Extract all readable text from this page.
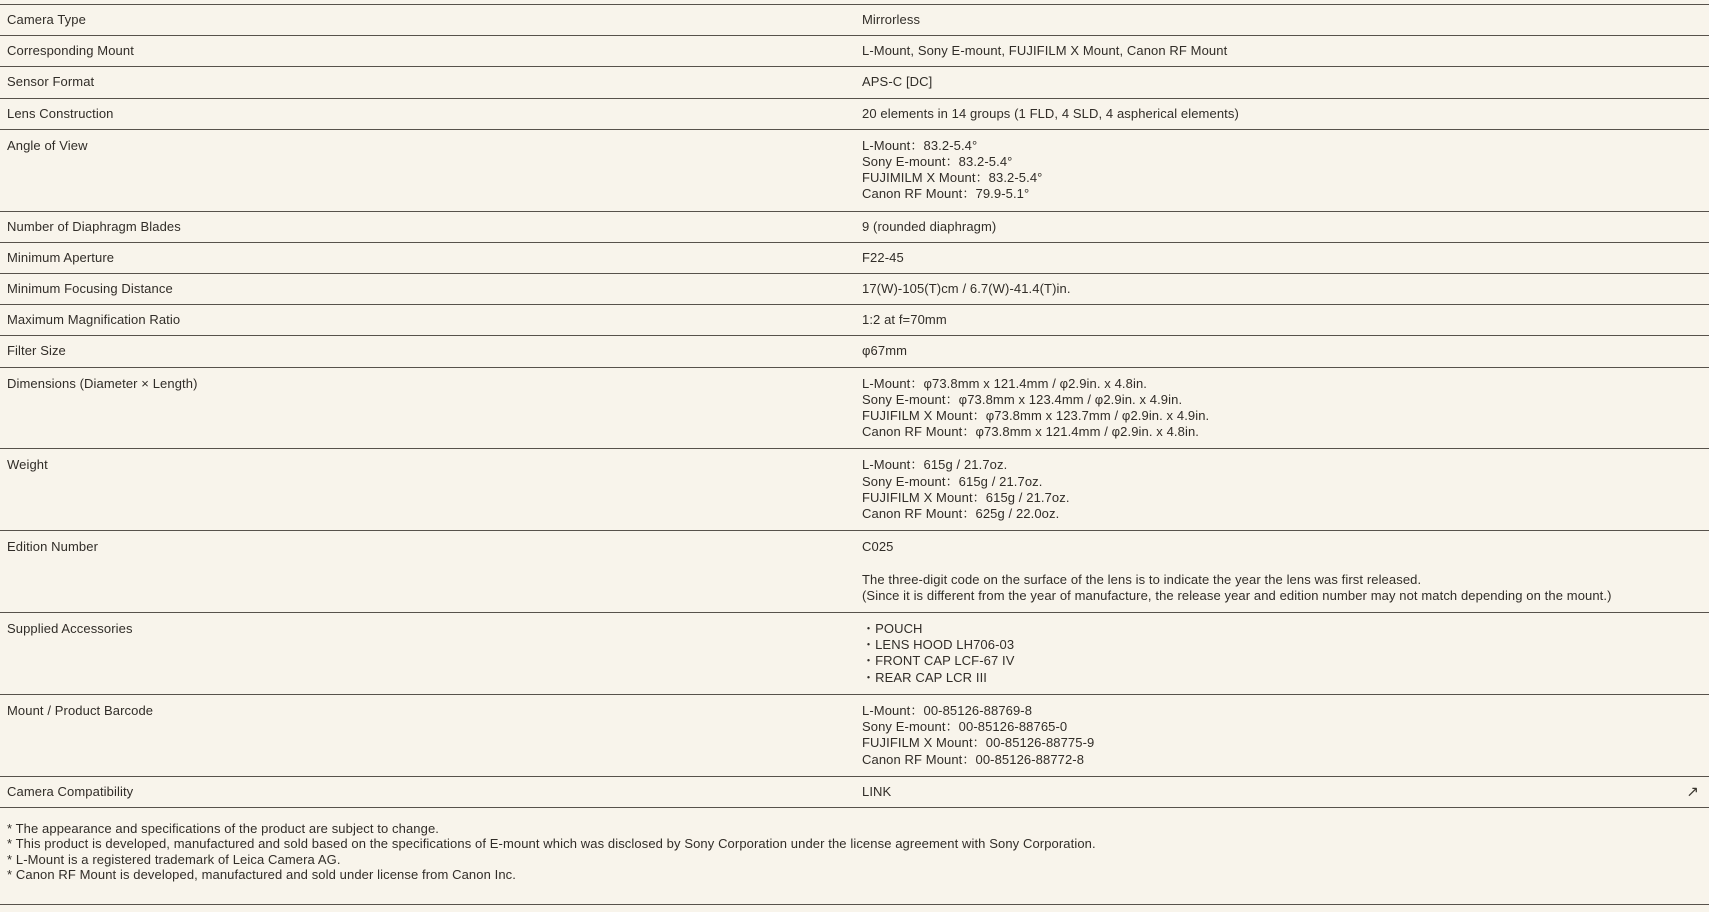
Camera Type	Mirrorless
Corresponding Mount	L-Mount, Sony E-mount, FUJIFILM X Mount, Canon RF Mount
Sensor Format	APS-C [DC]
Lens Construction	20 elements in 14 groups (1 FLD, 4 SLD, 4 aspherical elements)
Angle of View	L-Mount：83.2-5.4°
Sony E-mount：83.2-5.4°
FUJIMILM X Mount：83.2-5.4°
Canon RF Mount：79.9-5.1°
Number of Diaphragm Blades	9 (rounded diaphragm)
Minimum Aperture	F22-45
Minimum Focusing Distance	17(W)-105(T)cm / 6.7(W)-41.4(T)in.
Maximum Magnification Ratio	1:2 at f=70mm
Filter Size	φ67mm
Dimensions (Diameter × Length)	L-Mount：φ73.8mm x 121.4mm / φ2.9in. x 4.8in.
Sony E-mount：φ73.8mm x 123.4mm / φ2.9in. x 4.9in.
FUJIFILM X Mount：φ73.8mm x 123.7mm / φ2.9in. x 4.9in.
Canon RF Mount：φ73.8mm x 121.4mm / φ2.9in. x 4.8in.
Weight	L-Mount：615g / 21.7oz.
Sony E-mount：615g / 21.7oz.
FUJIFILM X Mount：615g / 21.7oz.
Canon RF Mount：625g / 22.0oz.
Edition Number	C025

The three-digit code on the surface of the lens is to indicate the year the lens was first released.
(Since it is different from the year of manufacture, the release year and edition number may not match depending on the mount.)
Supplied Accessories	・POUCH
・LENS HOOD LH706-03
・FRONT CAP LCF-67 IV
・REAR CAP LCR III
Mount / Product Barcode	L-Mount：00-85126-88769-8
Sony E-mount：00-85126-88765-0
FUJIFILM X Mount：00-85126-88775-9
Canon RF Mount：00-85126-88772-8
Camera Compatibility	LINK	↗
* The appearance and specifications of the product are subject to change.
* This product is developed, manufactured and sold based on the specifications of E-mount which was disclosed by Sony Corporation under the license agreement with Sony Corporation.
* L-Mount is a registered trademark of Leica Camera AG.
* Canon RF Mount is developed, manufactured and sold under license from Canon Inc.
